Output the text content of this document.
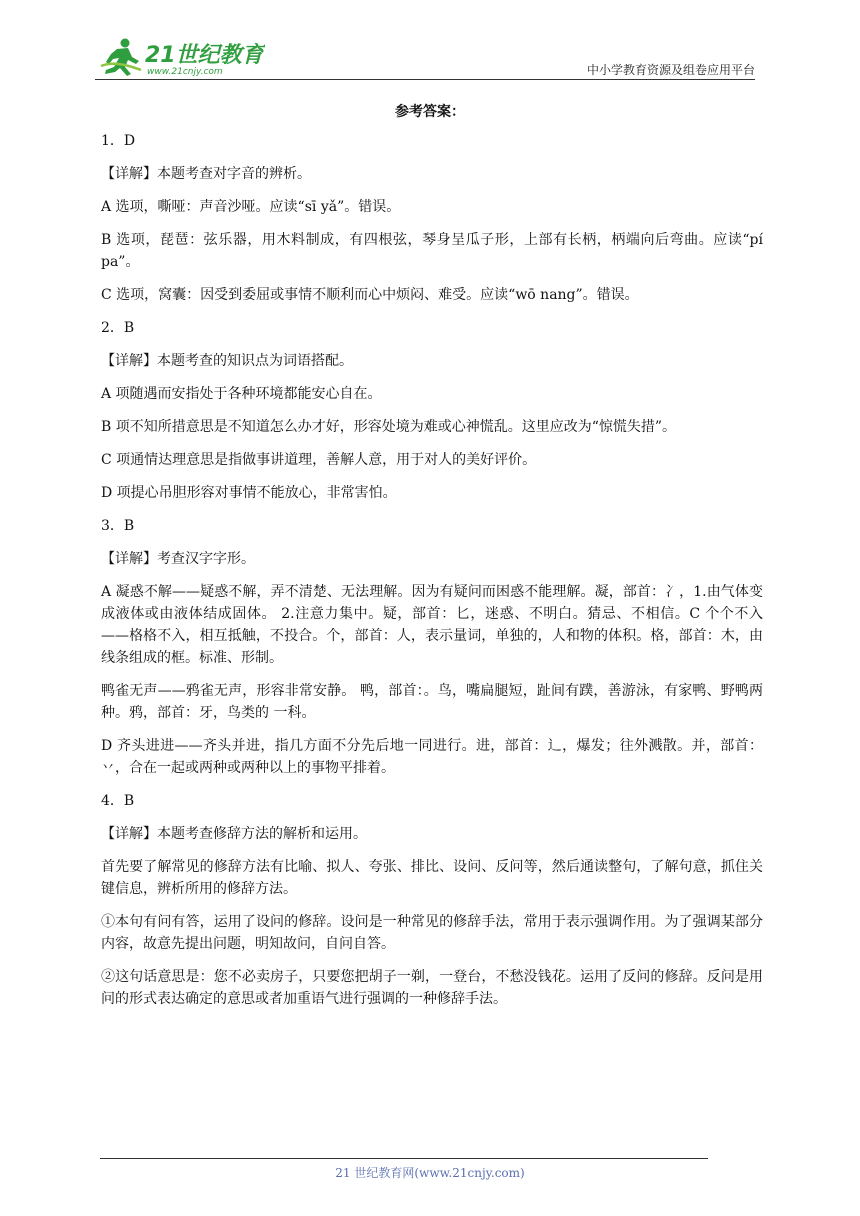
21世纪教育
www.21cnjy.com	中小学教育资源及组卷应用平台
参考答案：

1．D

【详解】本题考查对字音的辨析。

A 选项，嘶哑：声音沙哑。应读“sī yǎ”。错误。

B 选项，琵琶：弦乐器，用木料制成，有四根弦，琴身呈瓜子形，上部有长柄，柄端向后弯曲。应读“pí pa”。

C 选项，窝囊：因受到委屈或事情不顺利而心中烦闷、难受。应读“wō nang”。错误。

2．B

【详解】本题考查的知识点为词语搭配。

A 项随遇而安指处于各种环境都能安心自在。

B 项不知所措意思是不知道怎么办才好，形容处境为难或心神慌乱。这里应改为“惊慌失措”。

C 项通情达理意思是指做事讲道理，善解人意，用于对人的美好评价。

D 项提心吊胆形容对事情不能放心，非常害怕。

3．B

【详解】考查汉字字形。

A 凝惑不解——疑惑不解，弄不清楚、无法理解。因为有疑问而困惑不能理解。凝，部首：冫，1.由气体变成液体或由液体结成固体。 2.注意力集中。疑，部首：匕，迷惑、不明白。猜忌、不相信。C 个个不入——格格不入，相互抵触，不投合。个，部首：人，表示量词，单独的，人和物的体积。格，部首：木，由线条组成的框。标准、形制。

鸭雀无声——鸦雀无声，形容非常安静。 鸭，部首：。鸟，嘴扁腿短，趾间有蹼，善游泳，有家鸭、野鸭两种。鸦，部首：牙，鸟类的 一科。

D 齐头进进——齐头并进，指几方面不分先后地一同进行。进，部首：辶，爆发；往外溅散。并，部首：丷，合在一起或两种或两种以上的事物平排着。

4．B

【详解】本题考查修辞方法的解析和运用。

首先要了解常见的修辞方法有比喻、拟人、夸张、排比、设问、反问等，然后通读整句，了解句意，抓住关键信息，辨析所用的修辞方法。

①本句有问有答，运用了设问的修辞。设问是一种常见的修辞手法，常用于表示强调作用。为了强调某部分内容，故意先提出问题，明知故问，自问自答。

②这句话意思是：您不必卖房子，只要您把胡子一剃，一登台，不愁没钱花。运用了反问的修辞。反问是用问的形式表达确定的意思或者加重语气进行强调的一种修辞手法。

21 世纪教育网(www.21cnjy.com)
